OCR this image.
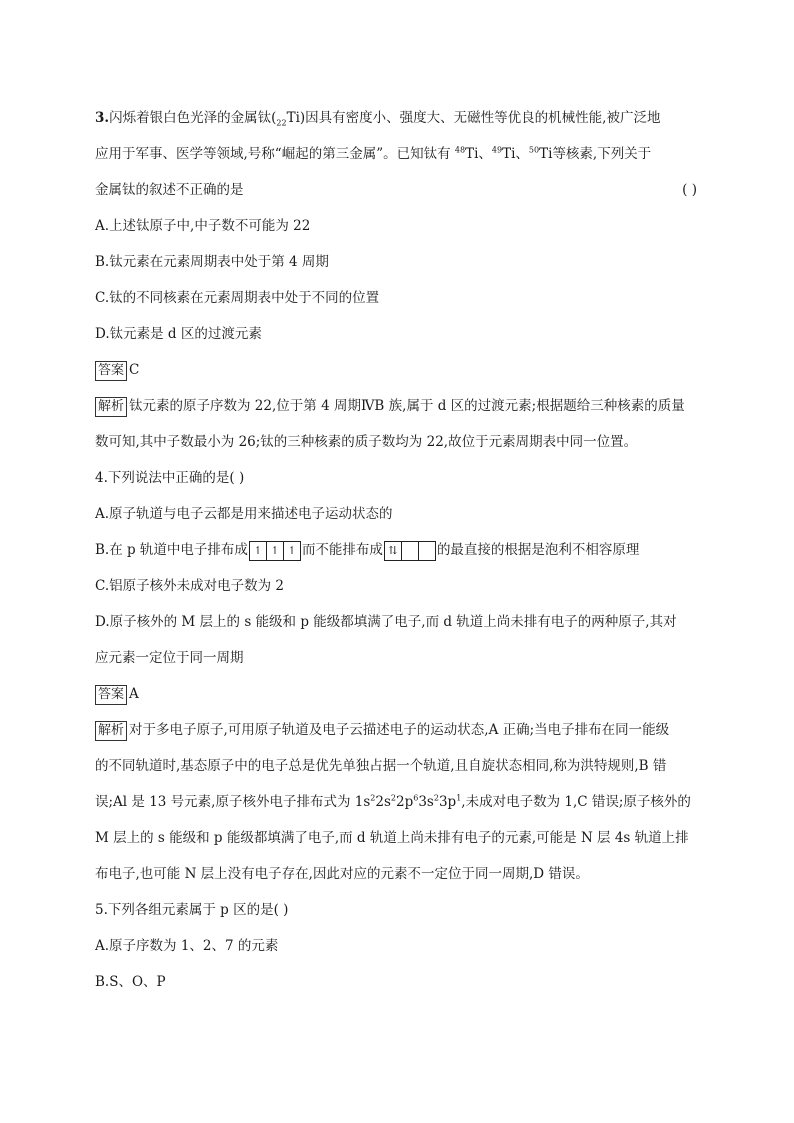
3.闪烁着银白色光泽的金属钛$(_{22}Ti)$因具有密度小、强度大、无磁性等优良的机械性能,被广泛地
应用于军事、医学等领域,号称“崛起的第三金属”。已知钛有 $^{48}$Ti、$^{49}$Ti、$^{50}$Ti等核素,下列关于
金属钛的叙述不正确的是	( )
A.上述钛原子中,中子数不可能为 22
B.钛元素在元素周期表中处于第 4 周期
C.钛的不同核素在元素周期表中处于不同的位置
D.钛元素是 d 区的过渡元素
答案 C
解析 钛元素的原子序数为 22,位于第 4 周期ⅣB 族,属于 d 区的过渡元素;根据题给三种核素的质量
数可知,其中子数最小为 26;钛的三种核素的质子数均为 22,故位于元素周期表中同一位置。
4.下列说法中正确的是( )
A.原子轨道与电子云都是用来描述电子运动状态的
B.在 p 轨道中电子排布成 ↿ ↿ ↿ 而不能排布成 ⇅	的最直接的根据是泡利不相容原理
C.铝原子核外未成对电子数为 2
D.原子核外的 M 层上的 s 能级和 p 能级都填满了电子,而 d 轨道上尚未排有电子的两种原子,其对
应元素一定位于同一周期
答案 A
解析 对于多电子原子,可用原子轨道及电子云描述电子的运动状态,A 正确;当电子排布在同一能级
的不同轨道时,基态原子中的电子总是优先单独占据一个轨道,且自旋状态相同,称为洪特规则,B 错
误;Al 是 13 号元素,原子核外电子排布式为 $1s^22s^22p^63s^23p^1$,未成对电子数为 1,C 错误;原子核外的
M 层上的 s 能级和 p 能级都填满了电子,而 d 轨道上尚未排有电子的元素,可能是 N 层 4s 轨道上排
布电子,也可能 N 层上没有电子存在,因此对应的元素不一定位于同一周期,D 错误。
5.下列各组元素属于 p 区的是( )
A.原子序数为 1、2、7 的元素
B.S、O、P
